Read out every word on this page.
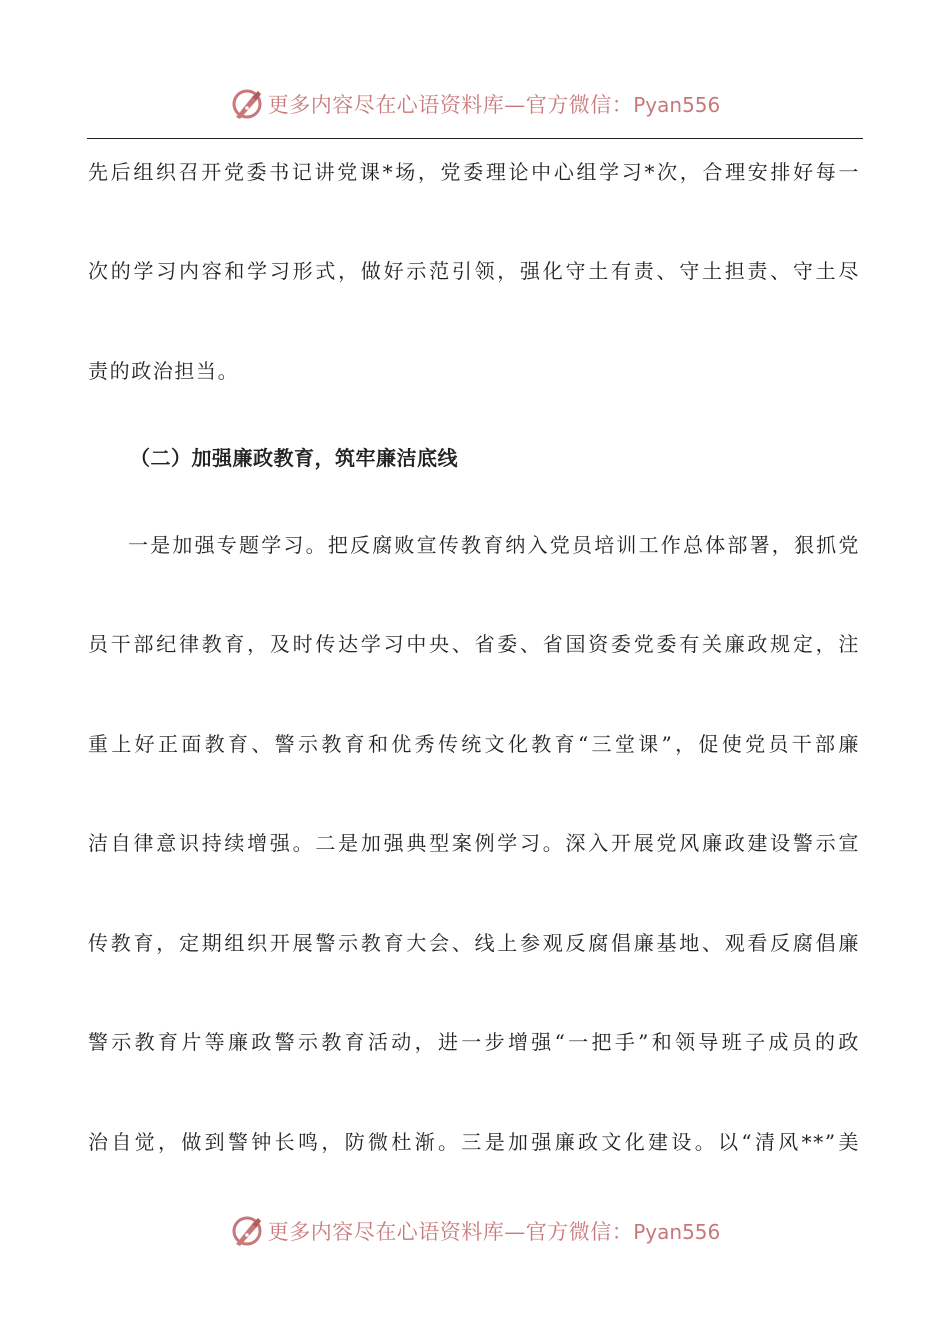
更多内容尽在心语资料库—官方微信：Pyan556
先后组织召开党委书记讲党课*场，党委理论中心组学习*次，合理安排好每一
次的学习内容和学习形式，做好示范引领，强化守土有责、守土担责、守土尽
责的政治担当。
（二）加强廉政教育，筑牢廉洁底线
一是加强专题学习。把反腐败宣传教育纳入党员培训工作总体部署，狠抓党
员干部纪律教育，及时传达学习中央、省委、省国资委党委有关廉政规定，注
重上好正面教育、警示教育和优秀传统文化教育“三堂课”，促使党员干部廉
洁自律意识持续增强。二是加强典型案例学习。深入开展党风廉政建设警示宣
传教育，定期组织开展警示教育大会、线上参观反腐倡廉基地、观看反腐倡廉
警示教育片等廉政警示教育活动，进一步增强“一把手”和领导班子成员的政
治自觉，做到警钟长鸣，防微杜渐。三是加强廉政文化建设。以“清风**”美
更多内容尽在心语资料库—官方微信：Pyan556
